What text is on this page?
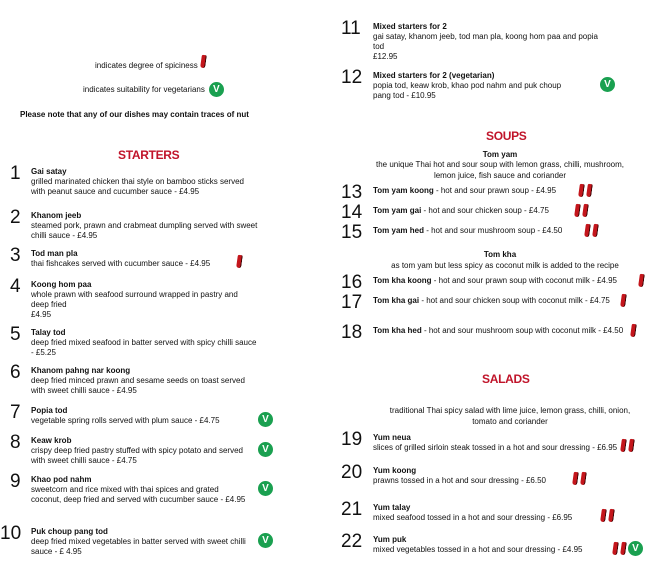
indicates degree of spiciness
indicates suitability for vegetarians V
Please note that any of our dishes may contain traces of nut
STARTERS
SOUPS
Tom yam
the unique Thai hot and sour soup with lemon grass, chilli, mushroom, lemon juice, fish sauce and coriander
Tom kha
as tom yam but less spicy as coconut milk is added to the recipe
SALADS
traditional Thai spicy salad with lime juice, lemon grass, chilli, onion, tomato and coriander
1 Gai satay
grilled marinated chicken thai style on bamboo sticks served with peanut sauce and cucumber sauce - £4.95
2 Khanom jeeb
steamed pork, prawn and crabmeat dumpling served with sweet chilli sauce - £4.95
3 Tod man pla
thai fishcakes served with cucumber sauce - £4.95
4 Koong hom paa
whole prawn with seafood surround wrapped in pastry and deep fried
£4.95
5 Talay tod
deep fried mixed seafood in batter served with spicy chilli sauce - £5.25
6 Khanom pahng nar koong
deep fried minced prawn and sesame seeds on toast served with sweet chilli sauce - £4.95
7 Popia tod
vegetable spring rolls served with plum sauce - £4.75	V
8 Keaw krob
crispy deep fried pastry stuffed with spicy potato and served with sweet chilli sauce - £4.75
V
9 Khao pod nahm
sweetcorn and rice mixed with thai spices and grated coconut, deep fried and served with cucumber sauce - £4.95
V
10 Puk choup pang tod
deep fried mixed vegetables in batter served with sweet chilli sauce - £ 4.95
V
11 Mixed starters for 2
gai satay, khanom jeeb, tod man pla, koong hom paa and popia tod
£12.95
12 Mixed starters for 2 (vegetarian)
popia tod, keaw krob, khao pod nahm and puk choup pang tod - £10.95
V
13 Tom yam koong - hot and sour prawn soup - £4.95
14 Tom yam gai - hot and sour chicken soup - £4.75
15 Tom yam hed - hot and sour mushroom soup - £4.50
16 Tom kha koong - hot and sour prawn soup with coconut milk - £4.95
17 Tom kha gai - hot and sour chicken soup with coconut milk - £4.75
18 Tom kha hed - hot and sour mushroom soup with coconut milk - £4.50
19 Yum neua
slices of grilled sirloin steak tossed in a hot and sour dressing - £6.95
20 Yum koong
prawns tossed in a hot and sour dressing - £6.50
21 Yum talay
mixed seafood tossed in a hot and sour dressing - £6.95
22 Yum puk
mixed vegetables tossed in a hot and sour dressing - £4.95	V
